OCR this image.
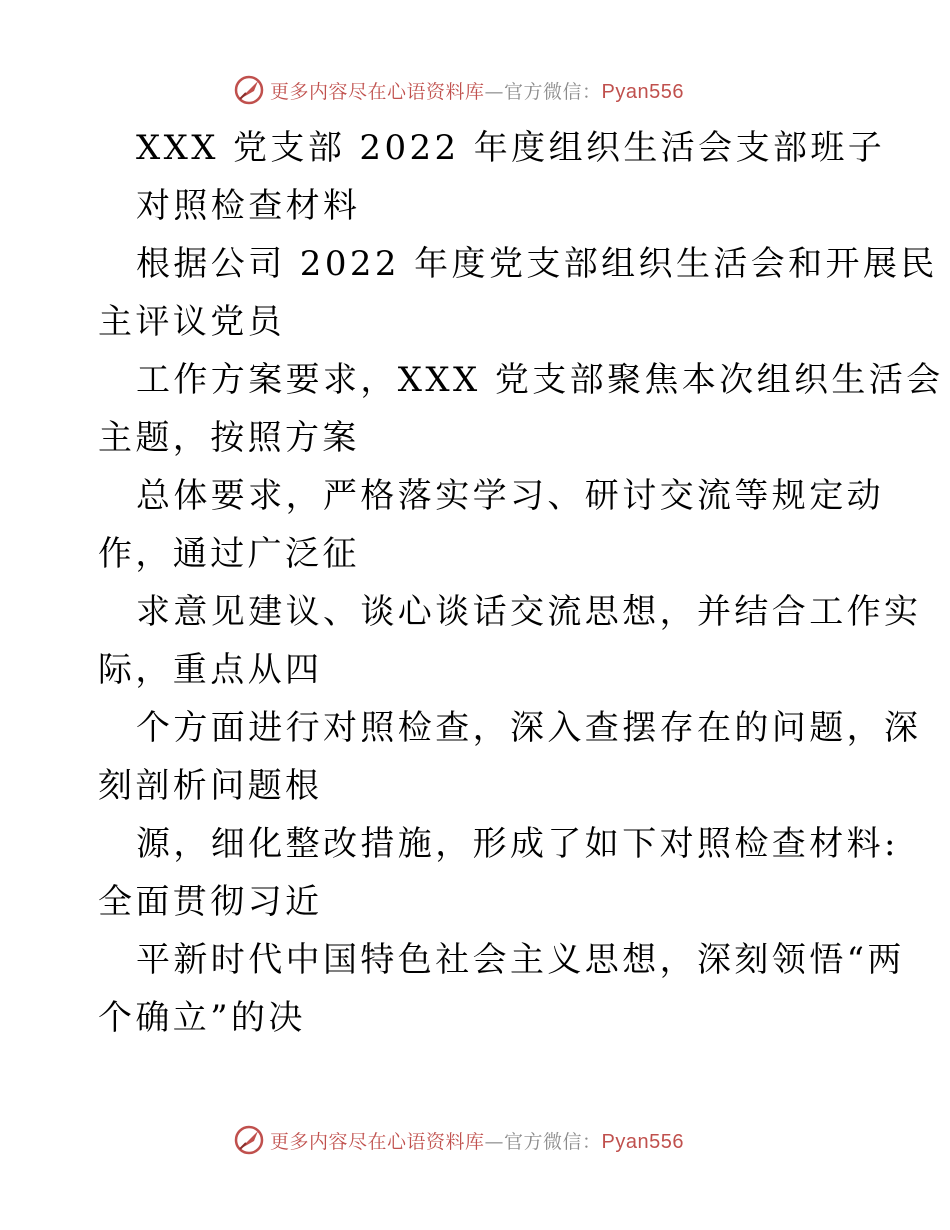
更多内容尽在心语资料库—官方微信：Pyan556
XXX 党支部 2022 年度组织生活会支部班子
对照检查材料
根据公司 2022 年度党支部组织生活会和开展民
主评议党员
工作方案要求，XXX 党支部聚焦本次组织生活会
主题，按照方案
总体要求，严格落实学习、研讨交流等规定动
作，通过广泛征
求意见建议、谈心谈话交流思想，并结合工作实
际，重点从四
个方面进行对照检查，深入查摆存在的问题，深
刻剖析问题根
源，细化整改措施，形成了如下对照检查材料:
全面贯彻习近
平新时代中国特色社会主义思想，深刻领悟“两
个确立”的决
更多内容尽在心语资料库—官方微信：Pyan556
